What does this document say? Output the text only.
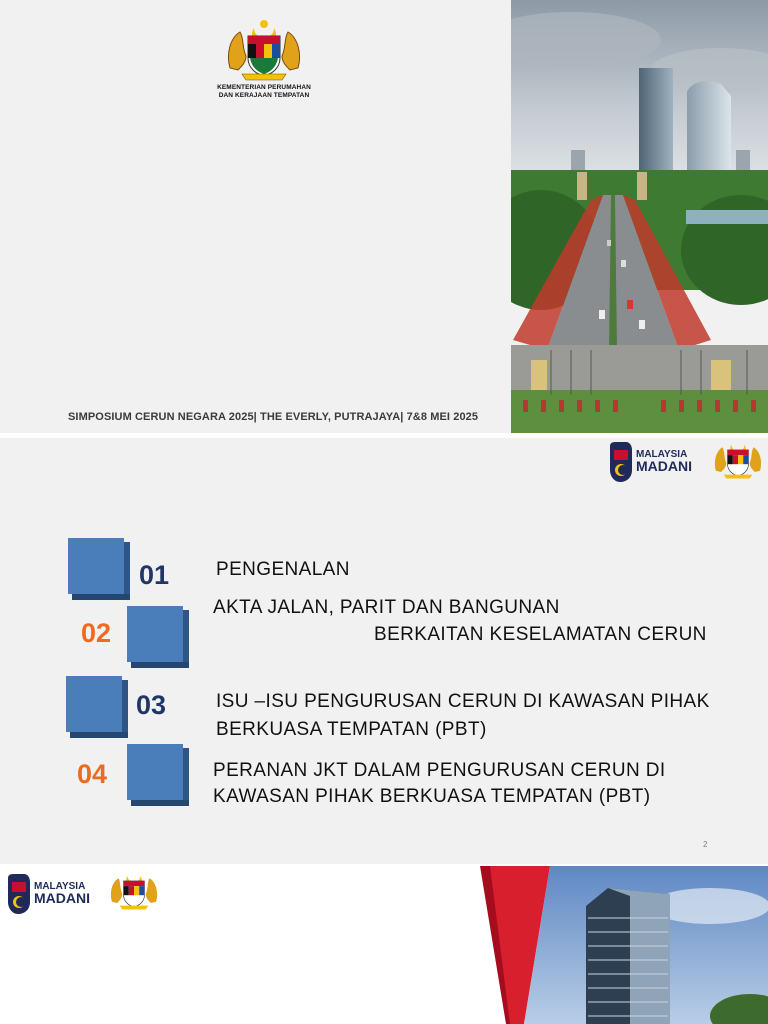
KEMENTERIAN PERUMAHAN
DAN KERAJAAN TEMPATAN
SIMPOSIUM CERUN NEGARA 2025| THE EVERLY, PUTRAJAYA| 7&8 MEI 2025
MALAYSIA
MADANI
01 PENGENALAN
02
AKTA JALAN, PARIT DAN BANGUNAN
BERKAITAN KESELAMATAN CERUN
03	ISU –ISU PENGURUSAN CERUN DI KAWASAN PIHAK
BERKUASA TEMPATAN (PBT)
04	PERANAN JKT DALAM PENGURUSAN CERUN DI
KAWASAN PIHAK BERKUASA TEMPATAN (PBT)
2
MALAYSIA
MADANI
